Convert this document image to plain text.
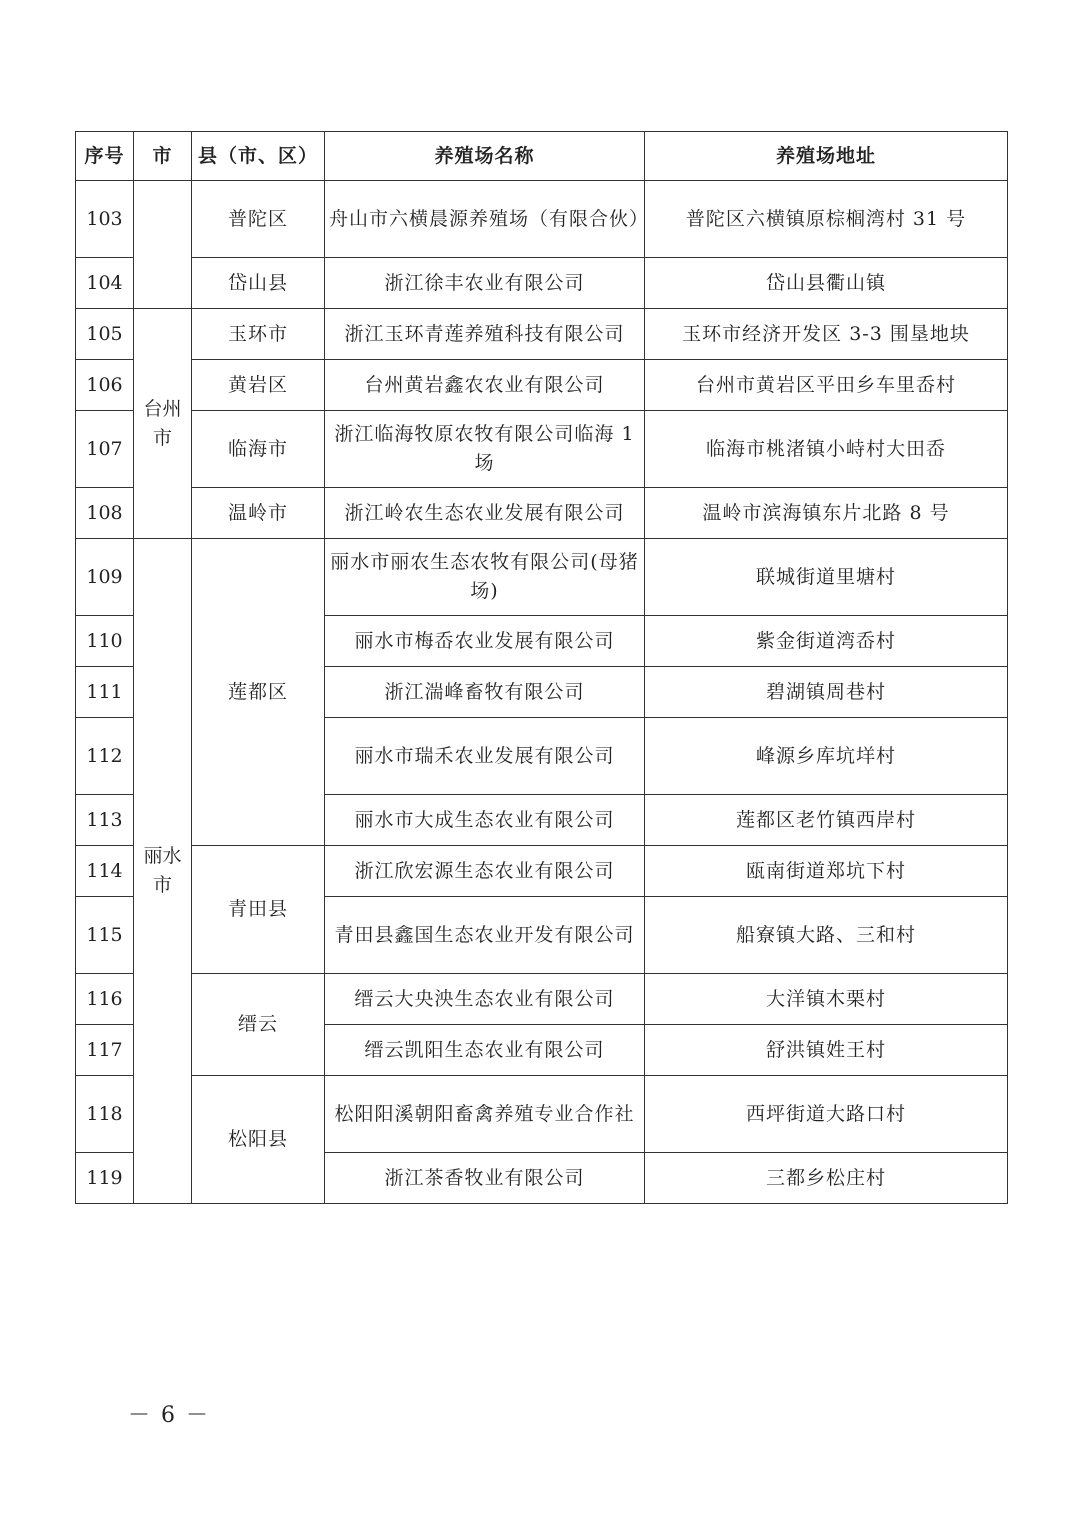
序号	市	县（市、区）	养殖场名称	养殖场地址
103		普陀区	舟山市六横晨源养殖场（有限合伙）	普陀区六横镇原棕榈湾村 31 号
104		岱山县	浙江徐丰农业有限公司	岱山县衢山镇
105	台州市	玉环市	浙江玉环青莲养殖科技有限公司	玉环市经济开发区 3-3 围垦地块
106		黄岩区	台州黄岩鑫农农业有限公司	台州市黄岩区平田乡车里岙村
107		临海市	浙江临海牧原农牧有限公司临海 1 场	临海市桃渚镇小峙村大田岙
108		温岭市	浙江岭农生态农业发展有限公司	温岭市滨海镇东片北路 8 号
109	丽水市	莲都区	丽水市丽农生态农牧有限公司(母猪场)	联城街道里塘村
110			丽水市梅岙农业发展有限公司	紫金街道湾岙村
111			浙江湍峰畜牧有限公司	碧湖镇周巷村
112			丽水市瑞禾农业发展有限公司	峰源乡库坑垟村
113			丽水市大成生态农业有限公司	莲都区老竹镇西岸村
114		青田县	浙江欣宏源生态农业有限公司	瓯南街道郑坑下村
115			青田县鑫国生态农业开发有限公司	船寮镇大路、三和村
116		缙云	缙云大央泱生态农业有限公司	大洋镇木栗村
117			缙云凯阳生态农业有限公司	舒洪镇姓王村
118		松阳县	松阳阳溪朝阳畜禽养殖专业合作社	西坪街道大路口村
119			浙江茶香牧业有限公司	三都乡松庄村
－ 6 －
